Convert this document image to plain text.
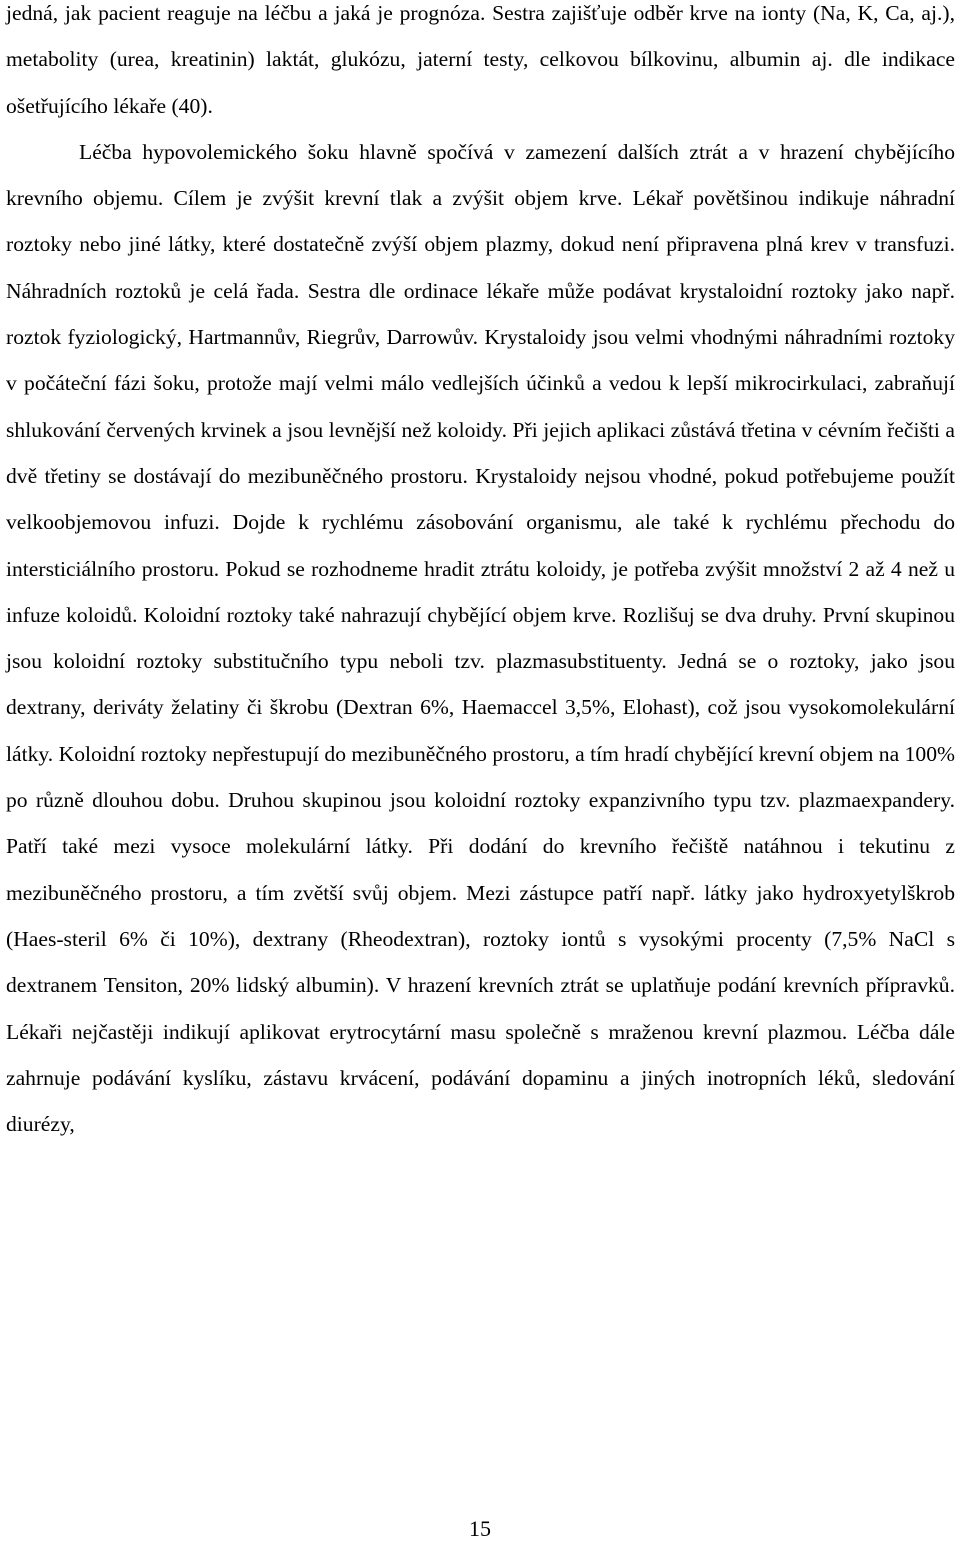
jedná, jak pacient reaguje na léčbu a jaká je prognóza. Sestra zajišťuje odběr krve na ionty (Na, K, Ca, aj.), metabolity (urea, kreatinin) laktát, glukózu, jaterní testy, celkovou bílkovinu, albumin aj. dle indikace ošetřujícího lékaře (40).

Léčba hypovolemického šoku hlavně spočívá v zamezení dalších ztrát a v hrazení chybějícího krevního objemu. Cílem je zvýšit krevní tlak a zvýšit objem krve. Lékař povětšinou indikuje náhradní roztoky nebo jiné látky, které dostatečně zvýší objem plazmy, dokud není připravena plná krev v transfuzi. Náhradních roztoků je celá řada. Sestra dle ordinace lékaře může podávat krystaloidní roztoky jako např. roztok fyziologický, Hartmannův, Riegrův, Darrowův. Krystaloidy jsou velmi vhodnými náhradními roztoky v počáteční fázi šoku, protože mají velmi málo vedlejších účinků a vedou k lepší mikrocirkulaci, zabraňují shlukování červených krvinek a jsou levnější než koloidy. Při jejich aplikaci zůstává třetina v cévním řečišti a dvě třetiny se dostávají do mezibuněčného prostoru. Krystaloidy nejsou vhodné, pokud potřebujeme použít velkoobjemovou infuzi. Dojde k rychlému zásobování organismu, ale také k rychlému přechodu do intersticiálního prostoru. Pokud se rozhodneme hradit ztrátu koloidy, je potřeba zvýšit množství 2 až 4 než u infuze koloidů. Koloidní roztoky také nahrazují chybějící objem krve. Rozlišuj se dva druhy. První skupinou jsou koloidní roztoky substitučního typu neboli tzv. plazmasubstituenty. Jedná se o roztoky, jako jsou dextrany, deriváty želatiny či škrobu (Dextran 6%, Haemaccel 3,5%, Elohast), což jsou vysokomolekulární látky. Koloidní roztoky nepřestupují do mezibuněčného prostoru, a tím hradí chybějící krevní objem na 100% po různě dlouhou dobu. Druhou skupinou jsou koloidní roztoky expanzivního typu tzv. plazmaexpandery. Patří také mezi vysoce molekulární látky. Při dodání do krevního řečiště natáhnou i tekutinu z mezibuněčného prostoru, a tím zvětší svůj objem. Mezi zástupce patří např. látky jako hydroxyetylškrob (Haes-steril 6% či 10%), dextrany (Rheodextran), roztoky iontů s vysokými procenty (7,5% NaCl s dextranem Tensiton, 20% lidský albumin). V hrazení krevních ztrát se uplatňuje podání krevních přípravků. Lékaři nejčastěji indikují aplikovat erytrocytární masu společně s mraženou krevní plazmou. Léčba dále zahrnuje podávání kyslíku, zástavu krvácení, podávání dopaminu a jiných inotropních léků, sledování diurézy,

15
